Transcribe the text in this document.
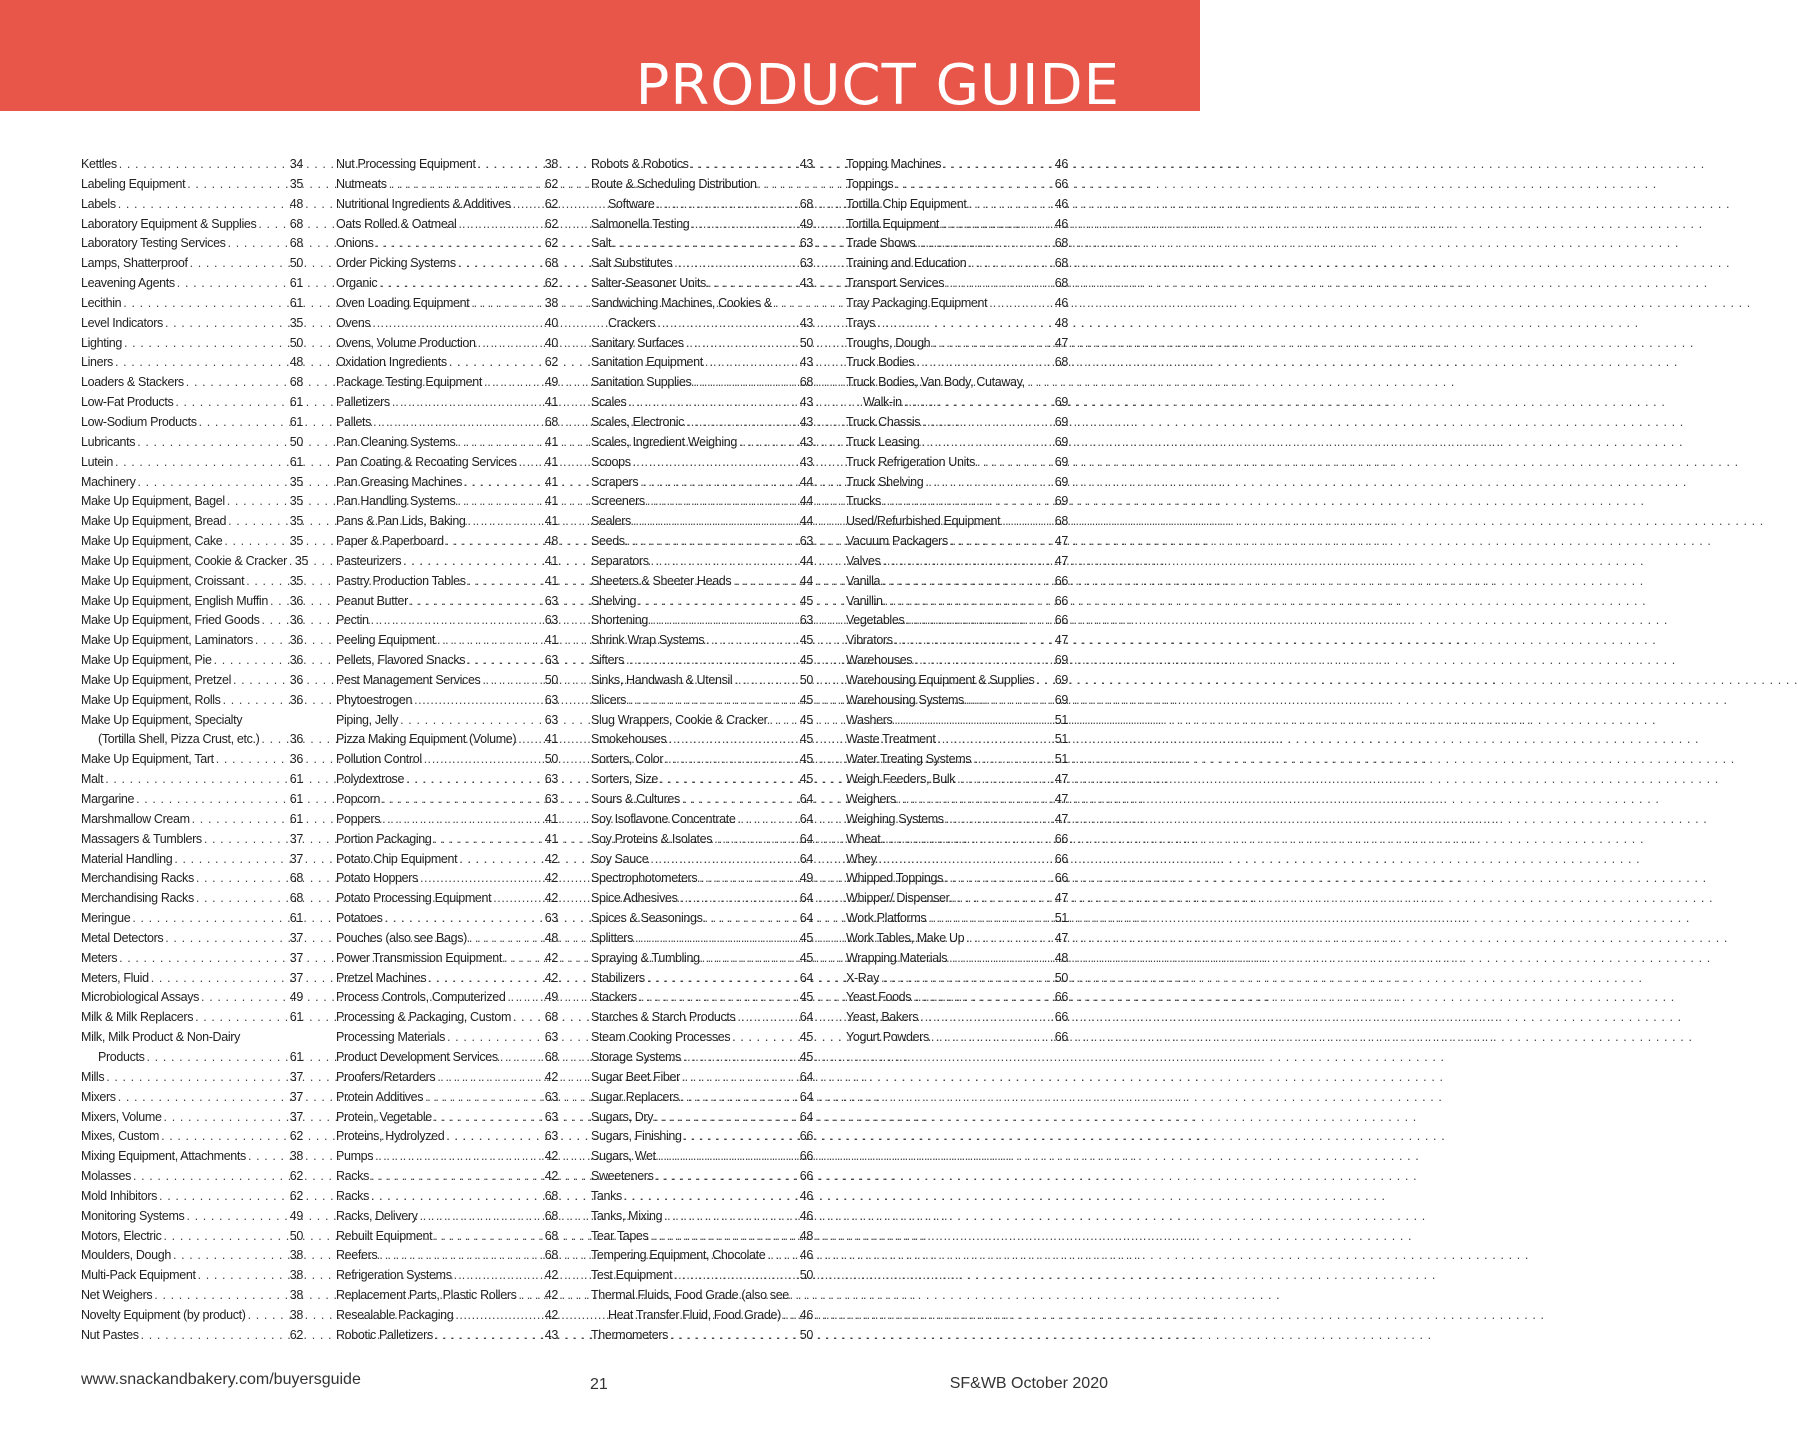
PRODUCT GUIDE
Kettles . . .	34
Labeling Equipment . . .	35
Labels . . .	48
Laboratory Equipment & Supplies . . .	68
Laboratory Testing Services . . .	68
Lamps, Shatterproof . . .	50
Leavening Agents . . .	61
Lecithin . . .	61
Level Indicators . . .	35
Lighting . . .	50
Liners . . .	48
Loaders & Stackers . . .	68
Low-Fat Products . . .	61
Low-Sodium Products . . .	61
Lubricants . . .	50
Lutein . . .	61
Machinery . . .	35
Make Up Equipment, Bagel . . .	35
Make Up Equipment, Bread . . .	35
Make Up Equipment, Cake . . .	35
Make Up Equipment, Cookie & Cracker . . . 35
Make Up Equipment, Croissant . . .	35
Make Up Equipment, English Muffin . . . 36
Make Up Equipment, Fried Goods . . . 36
Make Up Equipment, Laminators . . .	36
Make Up Equipment, Pie . . .	36
Make Up Equipment, Pretzel . . .	36
Make Up Equipment, Rolls . . .	36
Make Up Equipment, Specialty
(Tortilla Shell, Pizza Crust, etc.) . . . 36
Make Up Equipment, Tart . . .	36
Malt . . .	61
Margarine . . .	61
Marshmallow Cream . . .	61
Massagers & Tumblers . . .	37
Material Handling . . .	37
Merchandising Racks . . .	68
Merchandising Racks . . .	68
Meringue . . .	61
Metal Detectors . . .	37
Meters . . .	37
Meters, Fluid . . .	37
Microbiological Assays . . .	49
Milk & Milk Replacers . . .	61
Milk, Milk Product & Non-Dairy
Products . . .	61
Mills . . .	37
Mixers . . .	37
Mixers, Volume . . .	37
Mixes, Custom . . .	62
Mixing Equipment, Attachments . . .	38
Molasses . . .	62
Mold Inhibitors . . .	62
Monitoring Systems . . .	49
Motors, Electric . . .	50
Moulders, Dough . . .	38
Multi-Pack Equipment . . .	38
Net Weighers . . .	38
Novelty Equipment (by product) . . .	38
Nut Pastes . . .	62
Nut Processing Equipment . . .	38
Nutmeats . . .	62
Nutritional Ingredients & Additives . . .	62
Oats Rolled & Oatmeal . . .	62
Onions . . .	62
Order Picking Systems . . .	68
Organic . . .	62
Oven Loading Equipment . . .	38
Ovens . . .	40
Ovens, Volume Production . . .	40
Oxidation Ingredients . . .	62
Package Testing Equipment . . .	49
Palletizers . . .	41
Pallets . . .	68
Pan Cleaning Systems . . .	41
Pan Coating & Recoating Services . . . 41
Pan Greasing Machines . . .	41
Pan Handling Systems . . .	41
Pans & Pan Lids, Baking . . .	41
Paper & Paperboard . . .	48
Pasteurizers . . .	41
Pastry Production Tables . . .	41
Peanut Butter . . .	63
Pectin . . .	63
Peeling Equipment . . .	41
Pellets, Flavored Snacks . . .	63
Pest Management Services . . .	50
Phytoestrogen . . .	63
Piping, Jelly . . .	63
Pizza Making Equipment (Volume) . . . 41
Pollution Control . . .	50
Polydextrose . . .	63
Popcorn . . .	63
Poppers . . .	41
Portion Packaging . . .	41
Potato Chip Equipment . . .	42
Potato Hoppers . . .	42
Potato Processing Equipment . . .	42
Potatoes . . .	63
Pouches (also see Bags) . . .	48
Power Transmission Equipment . . .	42
Pretzel Machines . . .	42
Process Controls, Computerized . . .	49
Processing & Packaging, Custom . . .	68
Processing Materials . . .	63
Product Development Services . . .	68
Proofers/Retarders . . .	42
Protein Additives . . .	63
Protein, Vegetable . . .	63
Proteins, Hydrolyzed . . .	63
Pumps . . .	42
Racks . . .	42
Racks . . .	68
Racks, Delivery . . .	68
Rebuilt Equipment . . .	68
Reefers . . .	68
Refrigeration Systems . . .	42
Replacement Parts, Plastic Rollers . . . 42
Resealable Packaging . . .	42
Robotic Palletizers . . .	43
Robots & Robotics . . .	43
Route & Scheduling Distribution
Software . . .	68
Salmonella Testing . . .	49
Salt . . .	63
Salt Substitutes . . .	63
Salter-Seasoner Units . . .	43
Sandwiching Machines, Cookies &
Crackers . . .	43
Sanitary Surfaces . . .	50
Sanitation Equipment . . .	43
Sanitation Supplies . . .	68
Scales . . .	43
Scales, Electronic . . .	43
Scales, Ingredient Weighing . . .	43
Scoops . . .	43
Scrapers . . .	44
Screeners . . .	44
Sealers . . .	44
Seeds . . .	63
Separators . . .	44
Sheeters & Sheeter Heads . . .	44
Shelving . . .	45
Shortening . . .	63
Shrink Wrap Systems . . .	45
Sifters . . .	45
Sinks, Handwash & Utensil . . .	50
Slicers . . .	45
Slug Wrappers, Cookie & Cracker . . .	45
Smokehouses . . .	45
Sorters, Color . . .	45
Sorters, Size . . .	45
Sours & Cultures . . .	64
Soy Isoflavone Concentrate . . .	64
Soy Proteins & Isolates . . .	64
Soy Sauce . . .	64
Spectrophotometers . . .	49
Spice Adhesives . . .	64
Spices & Seasonings . . .	64
Splitters . . .	45
Spraying & Tumbling . . .	45
Stabilizers . . .	64
Stackers . . .	45
Starches & Starch Products . . .	64
Steam Cooking Processes . . .	45
Storage Systems . . .	45
Sugar Beet Fiber . . .	64
Sugar Replacers . . .	64
Sugars, Dry . . .	64
Sugars, Finishing . . .	66
Sugars, Wet . . .	66
Sweeteners . . .	66
Tanks . . .	46
Tanks, Mixing . . .	46
Tear Tapes . . .	48
Tempering Equipment, Chocolate . . .	46
Test Equipment . . .	50
Thermal Fluids, Food Grade (also see
Heat Transfer Fluid, Food Grade) . . . 46
Thermometers . . .	50
Topping Machines . . .	46
Toppings . . .	66
Tortilla Chip Equipment . . .	46
Tortilla Equipment . . .	46
Trade Shows . . .	68
Training and Education . . .	68
Transport Services . . .	68
Tray Packaging Equipment . . .	46
Trays . . .	48
Troughs, Dough . . .	47
Truck Bodies . . .	68
Truck Bodies, Van Body, Cutaway,
Walk-in . . .	69
Truck Chassis . . .	69
Truck Leasing . . .	69
Truck Refrigeration Units . . .	69
Truck Shelving . . .	69
Trucks . . .	69
Used/Refurbished Equipment . . .	68
Vacuum Packagers . . .	47
Valves . . .	47
Vanilla . . .	66
Vanillin . . .	66
Vegetables . . .	66
Vibrators . . .	47
Warehouses . . .	69
Warehousing Equipment & Supplies . . . 69
Warehousing Systems . . .	69
Washers . . .	51
Waste Treatment . . .	51
Water Treating Systems . . .	51
Weigh Feeders, Bulk . . .	47
Weighers . . .	47
Weighing Systems . . .	47
Wheat . . .	66
Whey . . .	66
Whipped Toppings . . .	66
Whipper/ Dispenser . . .	47
Work Platforms . . .	51
Work Tables, Make Up . . .	47
Wrapping Materials . . .	48
X-Ray . . .	50
Yeast Foods . . .	66
Yeast, Bakers . . .	66
Yogurt Powders . . .	66
www.snackandbakery.com/buyersguide	21	SF&WB October 2020
